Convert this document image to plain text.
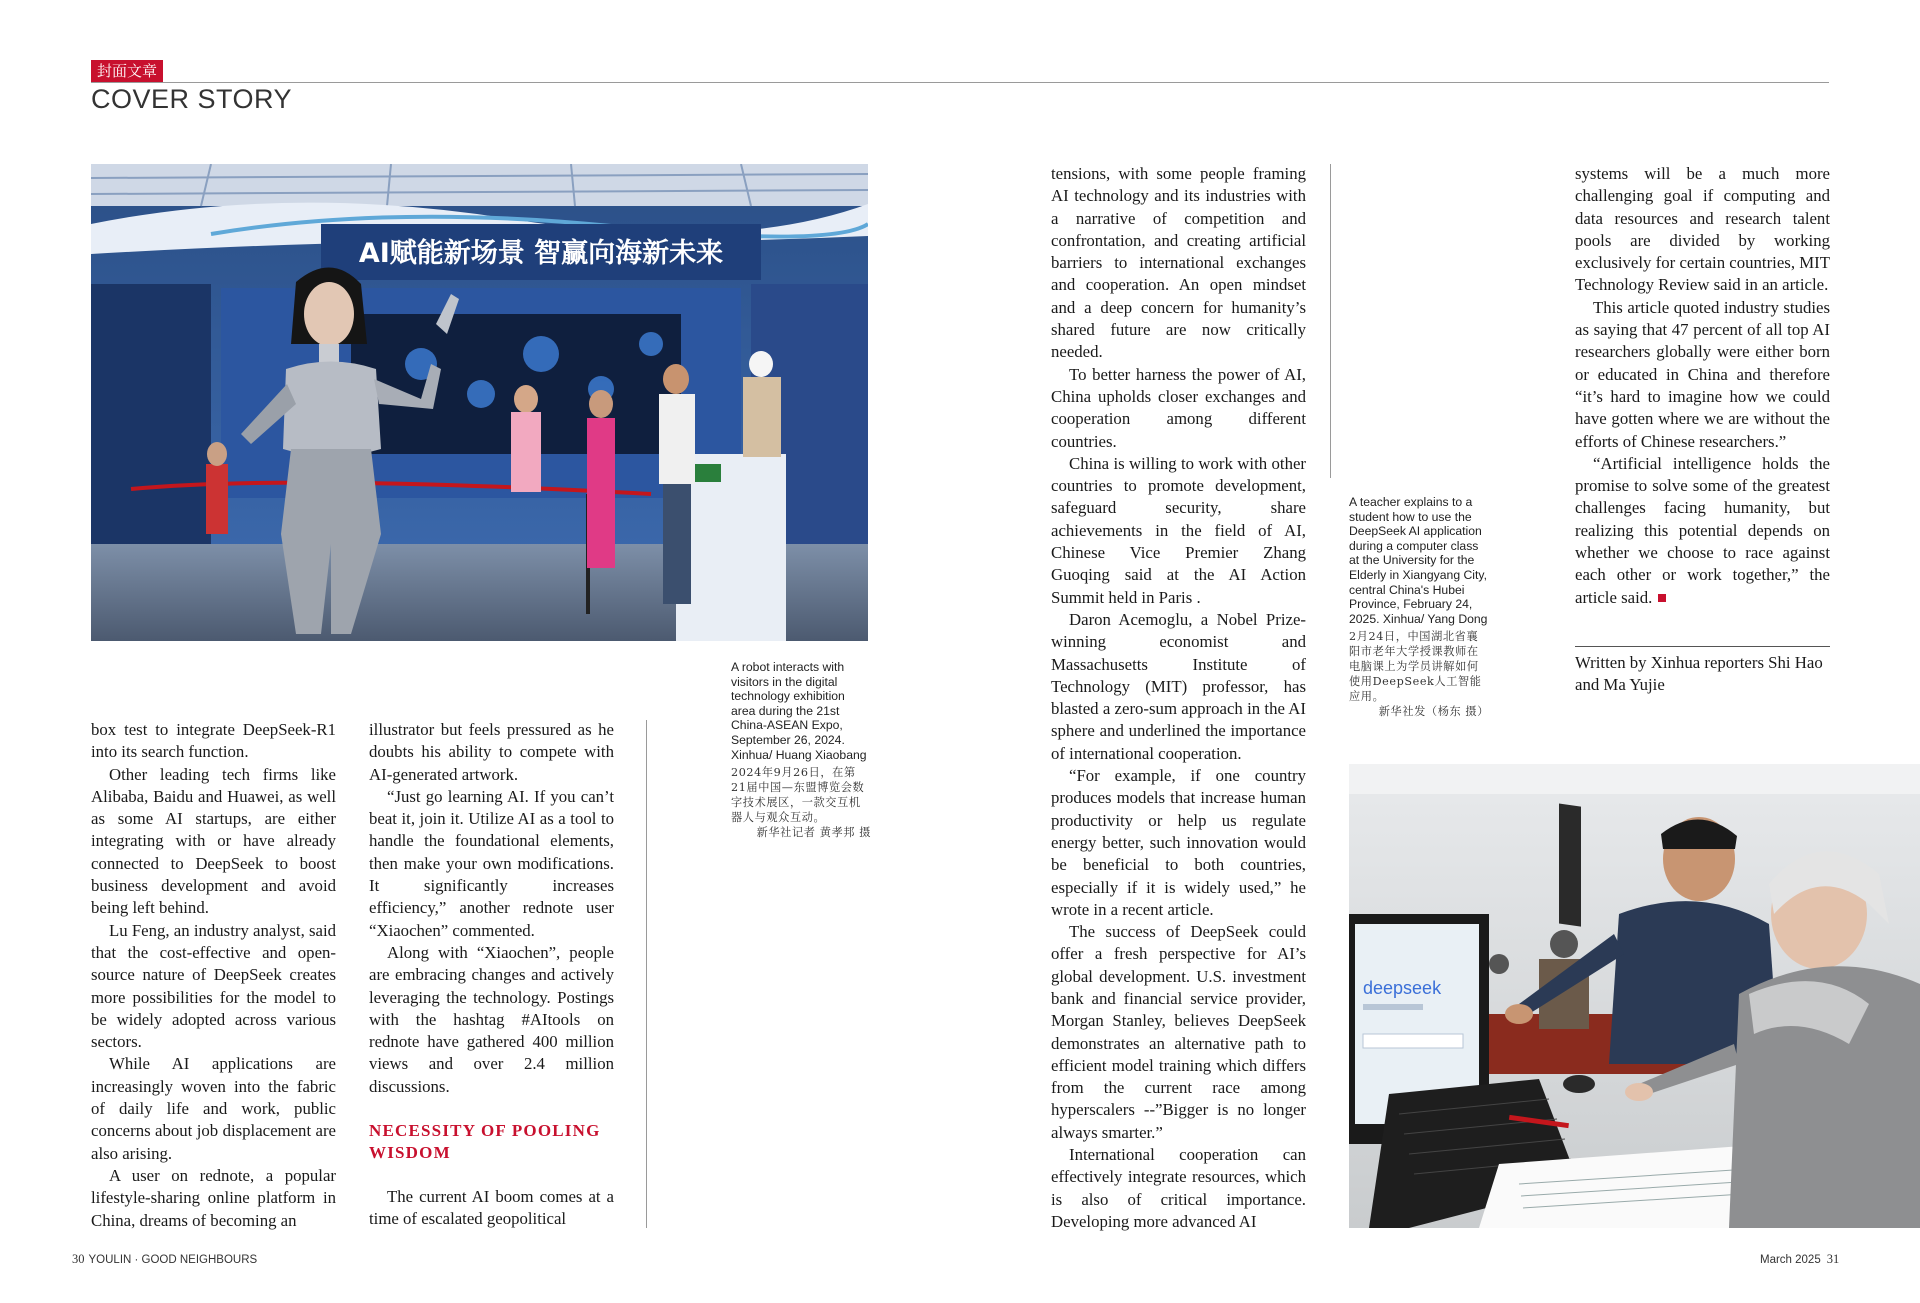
封面文章
COVER STORY
AI赋能新场景 智赢向海新未来
deepseek
A robot interacts with visitors in the digital technology exhibition area during the 21st China-ASEAN Expo, September 26, 2024. Xinhua/ Huang Xiaobang
2024年9月26日，在第21届中国—东盟博览会数字技术展区，一款交互机器人与观众互动。
新华社记者 黄孝邦 摄
A teacher explains to a student how to use the DeepSeek AI application during a computer class at the University for the Elderly in Xiangyang City, central China's Hubei Province, February 24, 2025. Xinhua/ Yang Dong
2月24日，中国湖北省襄阳市老年大学授课教师在电脑课上为学员讲解如何使用DeepSeek人工智能应用。
新华社发（杨东 摄）

box test to integrate DeepSeek-R1 into its search function.

Other leading tech firms like Alibaba, Baidu and Huawei, as well as some AI startups, are either integrating with or have already connected to DeepSeek to boost business development and avoid being left behind.

Lu Feng, an industry analyst, said that the cost-effective and open-source nature of DeepSeek creates more possibilities for the model to be widely adopted across various sectors.

While AI applications are increasingly woven into the fabric of daily life and work, public concerns about job displacement are also arising.

A user on rednote, a popular lifestyle-sharing online platform in China, dreams of becoming an

illustrator but feels pressured as he doubts his ability to compete with AI-generated artwork.

“Just go learning AI. If you can’t beat it, join it. Utilize AI as a tool to handle the foundational elements, then make your own modifications. It significantly increases efficiency,” another rednote user “Xiaochen” commented.

Along with “Xiaochen”, people are embracing changes and actively leveraging the technology. Postings with the hashtag #AItools on rednote have gathered 400 million views and over 2.4 million discussions.

NECESSITY OF POOLING WISDOM

The current AI boom comes at a time of escalated geopolitical

tensions, with some people framing AI technology and its industries with a narrative of competition and confrontation, and creating artificial barriers to international exchanges and cooperation. An open mindset and a deep concern for humanity’s shared future are now critically needed.

To better harness the power of AI, China upholds closer exchanges and cooperation among different countries.

China is willing to work with other countries to promote development, safeguard security, share achievements in the field of AI, Chinese Vice Premier Zhang Guoqing said at the AI Action Summit held in Paris .

Daron Acemoglu, a Nobel Prize-winning economist and Massachusetts Institute of Technology (MIT) professor, has blasted a zero-sum approach in the AI sphere and underlined the importance of international cooperation.

“For example, if one country produces models that increase human productivity or help us regulate energy better, such innovation would be beneficial to both countries, especially if it is widely used,” he wrote in a recent article.

The success of DeepSeek could offer a fresh perspective for AI’s global development. U.S. investment bank and financial service provider, Morgan Stanley, believes DeepSeek demonstrates an alternative path to efficient model training which differs from the current race among hyperscalers --”Bigger is no longer always smarter.”

International cooperation can effectively integrate resources, which is also of critical importance. Developing more advanced AI

systems will be a much more challenging goal if computing and data resources and research talent pools are divided by working exclusively for certain countries, MIT Technology Review said in an article.

This article quoted industry studies as saying that 47 percent of all top AI researchers globally were either born or educated in China and therefore “it’s hard to imagine how we could have gotten where we are without the efforts of Chinese researchers.”

“Artificial intelligence holds the promise to solve some of the greatest challenges facing humanity, but realizing this potential depends on whether we choose to race against each other or work together,” the article said.

Written by Xinhua reporters Shi Hao and Ma Yujie
30 YOULIN · GOOD NEIGHBOURS	March 2025 31
